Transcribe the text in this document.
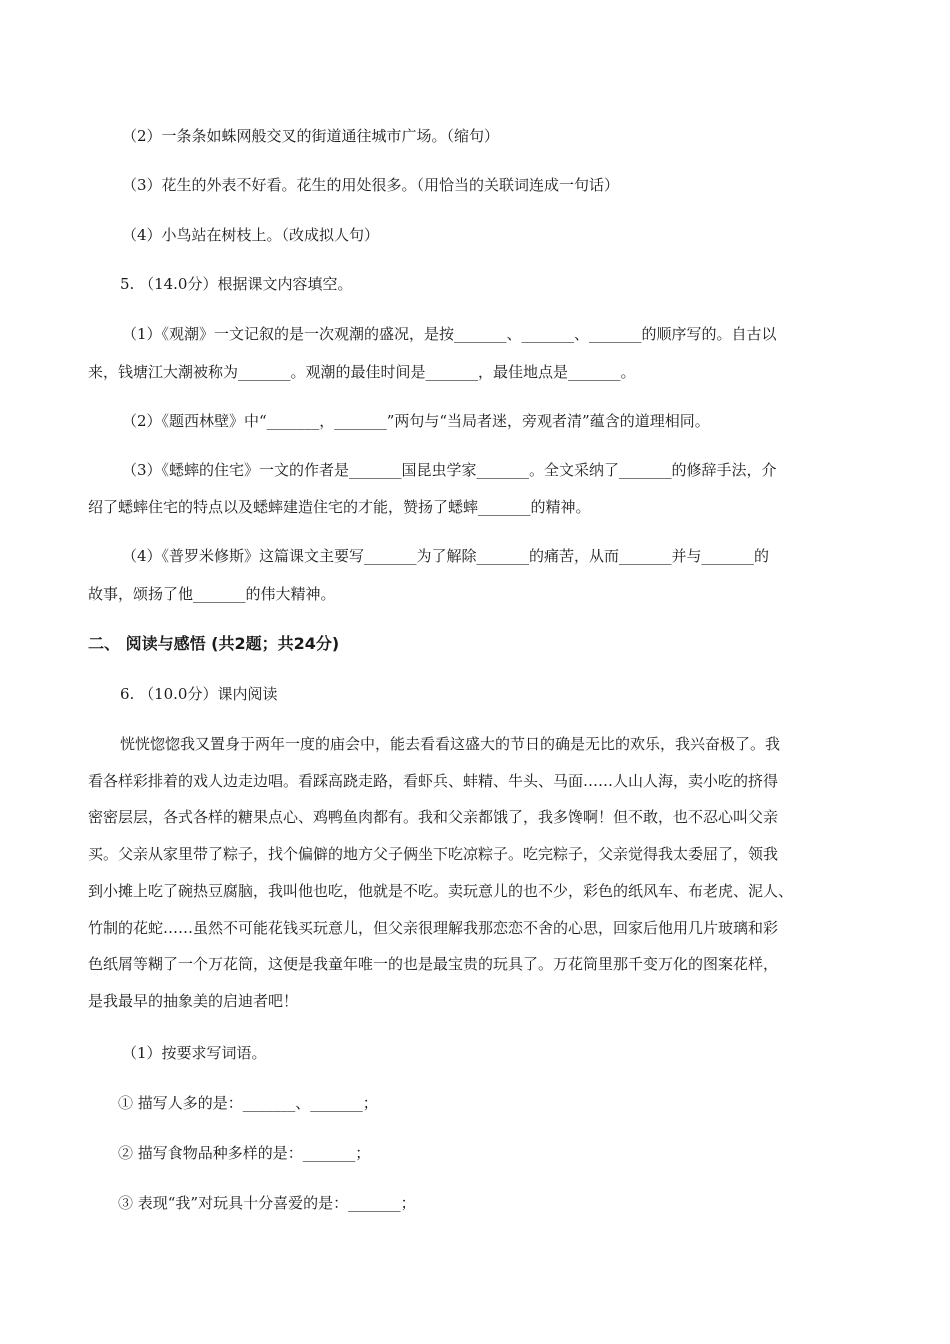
（2）一条条如蛛网般交叉的街道通往城市广场。（缩句）
（3）花生的外表不好看。花生的用处很多。（用恰当的关联词连成一句话）
（4）小鸟站在树枝上。（改成拟人句）
5. （14.0分）根据课文内容填空。
（1）《观潮》一文记叙的是一次观潮的盛况，是按_______、_______、_______的顺序写的。自古以
来，钱塘江大潮被称为_______。观潮的最佳时间是_______，最佳地点是_______。
（2）《题西林壁》中“_______，_______”两句与“当局者迷，旁观者清”蕴含的道理相同。
（3）《蟋蟀的住宅》一文的作者是_______国昆虫学家_______。全文采纳了_______的修辞手法，介
绍了蟋蟀住宅的特点以及蟋蟀建造住宅的才能，赞扬了蟋蟀_______的精神。
（4）《普罗米修斯》这篇课文主要写_______为了解除_______的痛苦，从而_______并与_______的
故事，颂扬了他_______的伟大精神。
二、 阅读与感悟 (共2题；共24分)
6. （10.0分）课内阅读
恍恍惚惚我又置身于两年一度的庙会中，能去看看这盛大的节日的确是无比的欢乐，我兴奋极了。我
看各样彩排着的戏人边走边唱。看踩高跷走路，看虾兵、蚌精、牛头、马面……人山人海，卖小吃的挤得
密密层层，各式各样的糖果点心、鸡鸭鱼肉都有。我和父亲都饿了，我多馋啊！但不敢，也不忍心叫父亲
买。父亲从家里带了粽子，找个偏僻的地方父子俩坐下吃凉粽子。吃完粽子，父亲觉得我太委屈了，领我
到小摊上吃了碗热豆腐脑，我叫他也吃，他就是不吃。卖玩意儿的也不少，彩色的纸风车、布老虎、泥人、
竹制的花蛇……虽然不可能花钱买玩意儿，但父亲很理解我那恋恋不舍的心思，回家后他用几片玻璃和彩
色纸屑等糊了一个万花筒，这便是我童年唯一的也是最宝贵的玩具了。万花筒里那千变万化的图案花样，
是我最早的抽象美的启迪者吧！
（1）按要求写词语。
① 描写人多的是：_______、_______；
② 描写食物品种多样的是：_______；
③ 表现“我”对玩具十分喜爱的是：_______；
